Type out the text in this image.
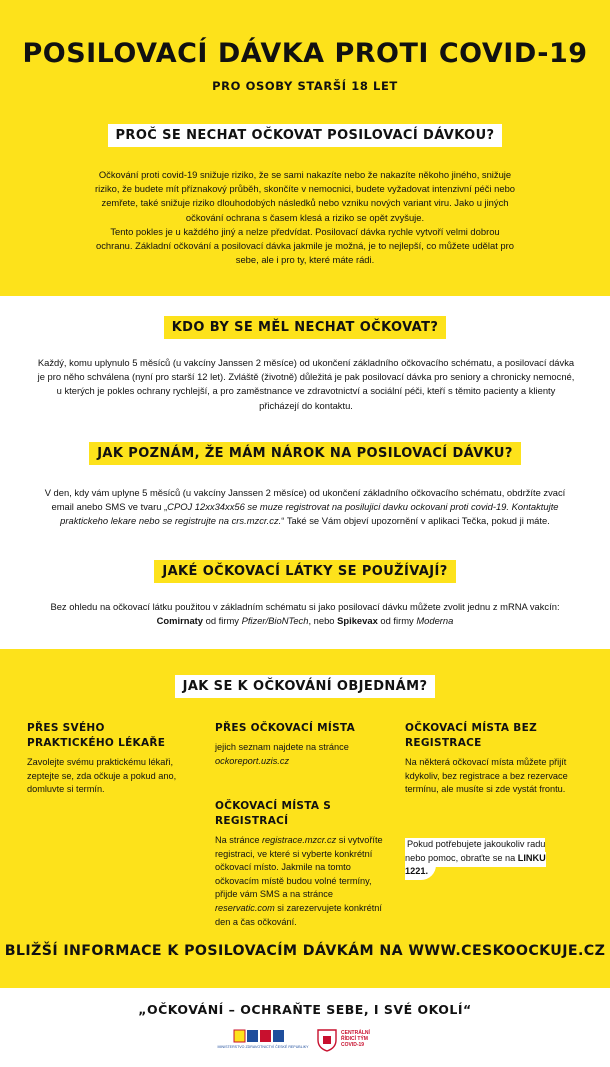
POSILOVACÍ DÁVKA PROTI COVID-19
PRO OSOBY STARŠÍ 18 LET
PROČ SE NECHAT OČKOVAT POSILOVACÍ DÁVKOU?

Očkování proti covid-19 snižuje riziko, že se sami nakazíte nebo že nakazíte někoho jiného, snižuje riziko, že budete mít příznakový průběh, skončíte v nemocnici, budete vyžadovat intenzivní péči nebo zemřete, také snižuje riziko dlouhodobých následků nebo vzniku nových variant viru. Jako u jiných očkování ochrana s časem klesá a riziko se opět zvyšuje.

Tento pokles je u každého jiný a nelze předvídat. Posilovací dávka rychle vytvoří velmi dobrou ochranu. Základní očkování a posilovací dávka jakmile je možná, je to nejlepší, co můžete udělat pro sebe, ale i pro ty, které máte rádi.

KDO BY SE MĚL NECHAT OČKOVAT?

Každý, komu uplynulo 5 měsíců (u vakcíny Janssen 2 měsíce) od ukončení základního očkovacího schématu, a posilovací dávka je pro něho schválena (nyní pro starší 12 let). Zvláště (životně) důležitá je pak posilovací dávka pro seniory a chronicky nemocné, u kterých je pokles ochrany rychlejší, a pro zaměstnance ve zdravotnictví a sociální péči, kteří s těmito pacienty a klienty přicházejí do kontaktu.

JAK POZNÁM, ŽE MÁM NÁROK NA POSILOVACÍ DÁVKU?

V den, kdy vám uplyne 5 měsíců (u vakcíny Janssen 2 měsíce) od ukončení základního očkovacího schématu, obdržíte zvací email anebo SMS ve tvaru „CPOJ 12xx34xx56 se muze registrovat na posilujici davku ockovani proti covid-19. Kontaktujte praktickeho lekare nebo se registrujte na crs.mzcr.cz.“ Také se Vám objeví upozornění v aplikaci Tečka, pokud ji máte.

JAKÉ OČKOVACÍ LÁTKY SE POUŽÍVAJÍ?

Bez ohledu na očkovací látku použitou v základním schématu si jako posilovací dávku můžete zvolit jednu z mRNA vakcín:
Comirnaty od firmy Pfizer/BioNTech, nebo Spikevax od firmy Moderna

JAK SE K OČKOVÁNÍ OBJEDNÁM?
PŘES SVÉHO PRAKTICKÉHO LÉKAŘE

Zavolejte svému praktickému lékaři, zeptejte se, zda očkuje a pokud ano, domluvte si termín.

PŘES OČKOVACÍ MÍSTA

jejich seznam najdete na stránce
ockoreport.uzis.cz

OČKOVACÍ MÍSTA S REGISTRACÍ

Na stránce registrace.mzcr.cz si vytvoříte registraci, ve které si vyberte konkrétní očkovací místo. Jakmile na tomto očkovacím místě budou volné termíny, přijde vám SMS a na stránce reservatic.com si zarezervujete konkrétní den a čas očkování.

OČKOVACÍ MÍSTA BEZ REGISTRACE

Na některá očkovací místa můžete přijít kdykoliv, bez registrace a bez rezervace termínu, ale musíte si zde vystát frontu.

Pokud potřebujete jakoukoliv radu nebo pomoc, obraťte se na LINKU 1221.

BLIŽŠÍ INFORMACE K POSILOVACÍM DÁVKÁM NA WWW.CESKOOCKUJE.CZ
„OČKOVÁNÍ – OCHRAŇTE SEBE, I SVÉ OKOLÍ“
MINISTERSTVO ZDRAVOTNICTVÍ ČESKÉ REPUBLIKY
CENTRÁLNÍ
ŘÍDICÍ TÝM
COVID-19
